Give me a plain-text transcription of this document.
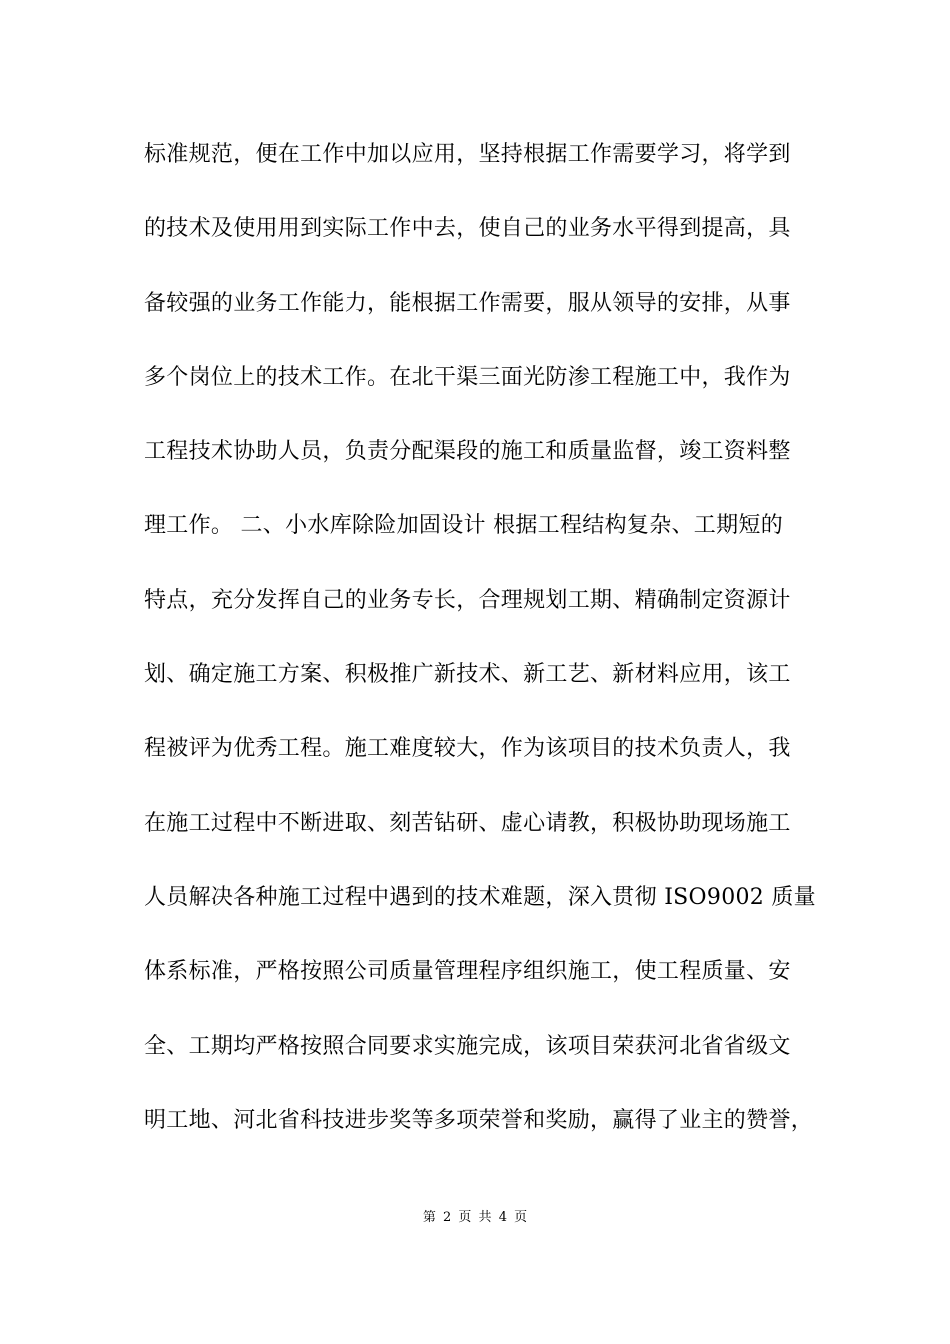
标准规范，便在工作中加以应用，坚持根据工作需要学习，将学到
的技术及使用用到实际工作中去，使自己的业务水平得到提高，具
备较强的业务工作能力，能根据工作需要，服从领导的安排，从事
多个岗位上的技术工作。在北干渠三面光防渗工程施工中，我作为
工程技术协助人员，负责分配渠段的施工和质量监督，竣工资料整
理工作。 二、小水库除险加固设计 根据工程结构复杂、工期短的
特点，充分发挥自己的业务专长，合理规划工期、精确制定资源计
划、确定施工方案、积极推广新技术、新工艺、新材料应用，该工
程被评为优秀工程。施工难度较大，作为该项目的技术负责人，我
在施工过程中不断进取、刻苦钻研、虚心请教，积极协助现场施工
人员解决各种施工过程中遇到的技术难题，深入贯彻 ISO9002 质量
体系标准，严格按照公司质量管理程序组织施工，使工程质量、安
全、工期均严格按照合同要求实施完成，该项目荣获河北省省级文
明工地、河北省科技进步奖等多项荣誉和奖励，赢得了业主的赞誉，
第 2 页 共 4 页
